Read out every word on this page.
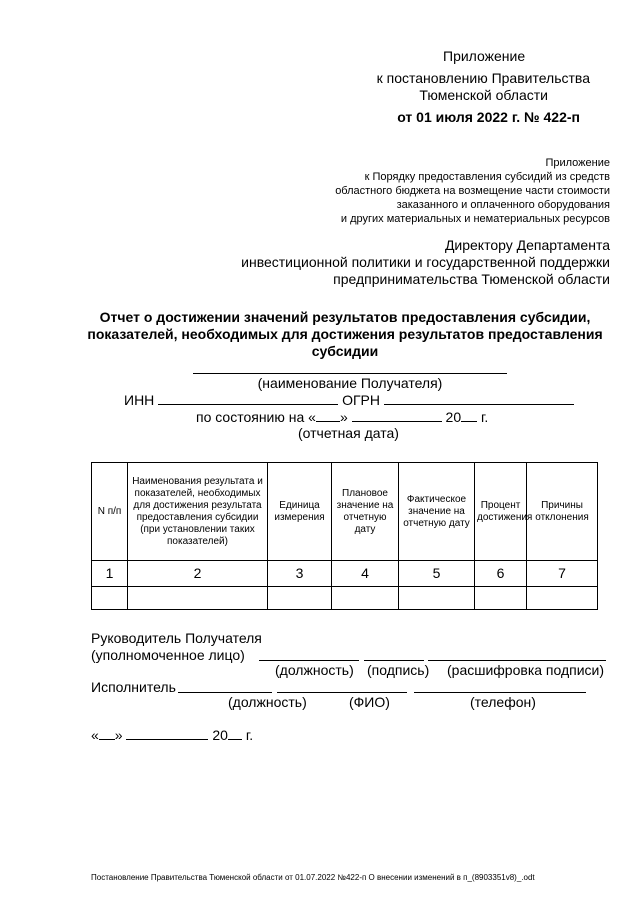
Приложение
к постановлению Правительства
Тюменской области
от 01 июля 2022 г. № 422-п
Приложение
к Порядку предоставления субсидий из средств
областного бюджета на возмещение части стоимости
заказанного и оплаченного оборудования
и других материальных и нематериальных ресурсов
Директору Департамента
инвестиционной политики и государственной поддержки
предпринимательства Тюменской области
Отчет о достижении значений результатов предоставления субсидии,
показателей, необходимых для достижения результатов предоставления
субсидии
(наименование Получателя)
ИНН	ОГРН
по состоянию на « »	20 г.
(отчетная дата)
N п/п	Наименования результата и показателей, необходимых для достижения результата предоставления субсидии (при установлении таких показателей)	Единица измерения	Плановое значение на отчетную дату	Фактическое значение на отчетную дату	Процент достижения	Причины отклонения
1	2	3	4	5	6	7

Руководитель Получателя
(уполномоченное лицо)
(должность) (подпись) (расшифровка подписи)
Исполнитель
(должность)	(ФИО)	(телефон)
« »	20 г.
Постановление Правительства Тюменской области от 01.07.2022 №422-п О внесении изменений в п_(8903351v8)_.odt
